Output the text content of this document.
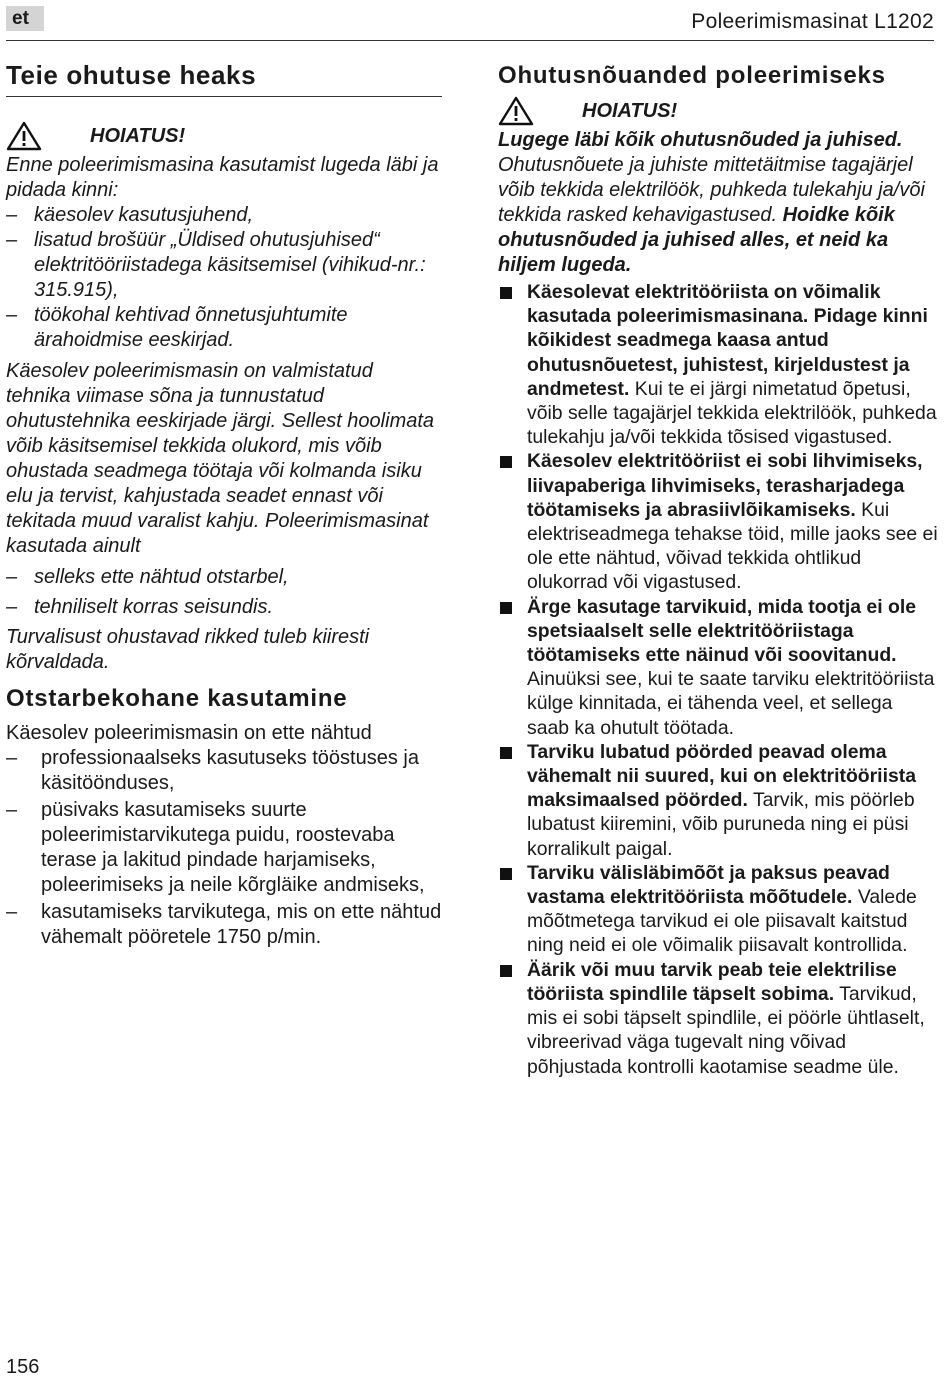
et	Poleerimismasinat L1202
Teie ohutuse heaks
HOIATUS!

Enne poleerimismasina kasutamist lugeda läbi ja pidada kinni:

– käesolev kasutusjuhend,
– lisatud brošüür „Üldised ohutusjuhised“ elektritööriistadega käsitsemisel (vihikud-nr.: 315.915),
– töökohal kehtivad õnnetusjuhtumite ärahoidmise eeskirjad.

Käesolev poleerimismasin on valmistatud tehnika viimase sõna ja tunnustatud ohutustehnika eeskirjade järgi. Sellest hoolimata võib käsitsemisel tekkida olukord, mis võib ohustada seadmega töötaja või kolmanda isiku elu ja tervist, kahjustada seadet ennast või tekitada muud varalist kahju. Poleerimismasinat kasutada ainult

– selleks ette nähtud otstarbel,
– tehniliselt korras seisundis.

Turvalisust ohustavad rikked tuleb kiiresti kõrvaldada.

Otstarbekohane kasutamine

Käesolev poleerimismasin on ette nähtud

– professionaalseks kasutuseks tööstuses ja käsitöönduses,
– püsivaks kasutamiseks suurte poleerimistarvikutega puidu, roostevaba terase ja lakitud pindade harjamiseks, poleerimiseks ja neile kõrgläike andmiseks,
– kasutamiseks tarvikutega, mis on ette nähtud vähemalt pööretele 1750 p/min.
Ohutusnõuanded poleerimiseks
HOIATUS!

Lugege läbi kõik ohutusnõuded ja juhised. Ohutusnõuete ja juhiste mittetäitmise tagajärjel võib tekkida elektrilöök, puhkeda tulekahju ja/või tekkida rasked kehavigastused. Hoidke kõik ohutusnõuded ja juhised alles, et neid ka hiljem lugeda.

Käesolevat elektritööriista on võimalik kasutada poleerimismasinana. Pidage kinni kõikidest seadmega kaasa antud ohutusnõuetest, juhistest, kirjeldustest ja andmetest. Kui te ei järgi nimetatud õpetusi, võib selle tagajärjel tekkida elektrilöök, puhkeda tulekahju ja/või tekkida tõsised vigastused.
Käesolev elektritööriist ei sobi lihvimiseks, liivapaberiga lihvimiseks, terasharjadega töötamiseks ja abrasiivlõikamiseks. Kui elektriseadmega tehakse töid, mille jaoks see ei ole ette nähtud, võivad tekkida ohtlikud olukorrad või vigastused.
Ärge kasutage tarvikuid, mida tootja ei ole spetsiaalselt selle elektritööriistaga töötamiseks ette näinud või soovitanud. Ainuüksi see, kui te saate tarviku elektritööriista külge kinnitada, ei tähenda veel, et sellega saab ka ohutult töötada.
Tarviku lubatud pöörded peavad olema vähemalt nii suured, kui on elektritööriista maksimaalsed pöörded. Tarvik, mis pöörleb lubatust kiiremini, võib puruneda ning ei püsi korralikult paigal.
Tarviku välisläbimõõt ja paksus peavad vastama elektritööriista mõõtudele. Valede mõõtmetega tarvikud ei ole piisavalt kaitstud ning neid ei ole võimalik piisavalt kontrollida.
Äärik või muu tarvik peab teie elektrilise tööriista spindlile täpselt sobima. Tarvikud, mis ei sobi täpselt spindlile, ei pöörle ühtlaselt, vibreerivad väga tugevalt ning võivad põhjustada kontrolli kaotamise seadme üle.
156
